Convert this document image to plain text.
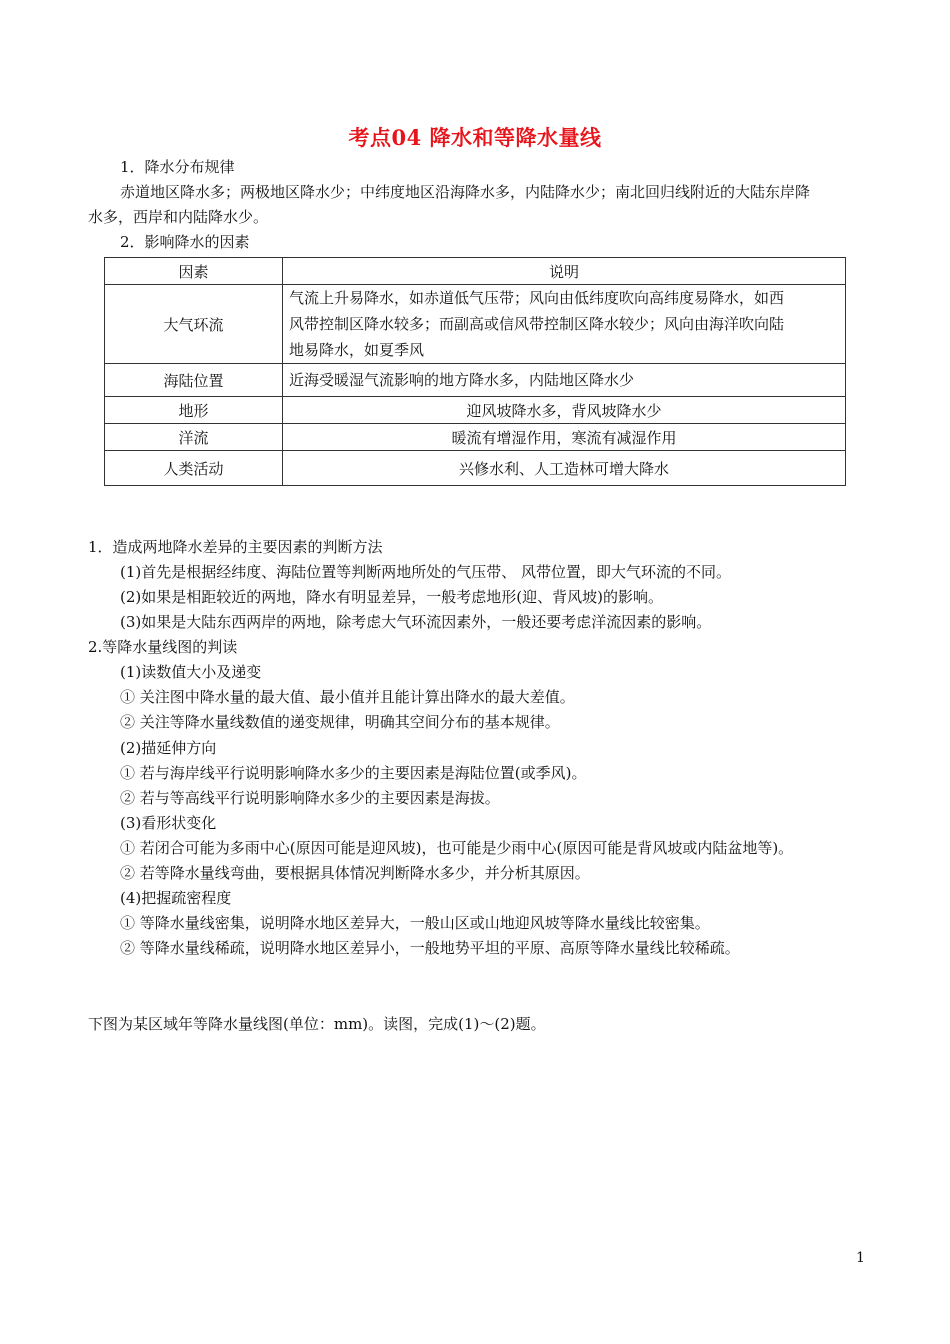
考点04 降水和等降水量线
1．降水分布规律
赤道地区降水多；两极地区降水少；中纬度地区沿海降水多，内陆降水少；南北回归线附近的大陆东岸降
水多，西岸和内陆降水少。
2．影响降水的因素
因素	说明
大气环流	气流上升易降水，如赤道低气压带；风向由低纬度吹向高纬度易降水，如西
风带控制区降水较多；而副高或信风带控制区降水较少；风向由海洋吹向陆
地易降水，如夏季风

海陆位置	近海受暖湿气流影响的地方降水多，内陆地区降水少
地形	迎风坡降水多，背风坡降水少
洋流	暖流有增湿作用，寒流有减湿作用
人类活动	兴修水利、人工造林可增大降水
1．造成两地降水差异的主要因素的判断方法
(1)首先是根据经纬度、海陆位置等判断两地所处的气压带、 风带位置，即大气环流的不同。
(2)如果是相距较近的两地，降水有明显差异，一般考虑地形(迎、背风坡)的影响。
(3)如果是大陆东西两岸的两地，除考虑大气环流因素外，一般还要考虑洋流因素的影响。
2.等降水量线图的判读
(1)读数值大小及递变
① 关注图中降水量的最大值、最小值并且能计算出降水的最大差值。
② 关注等降水量线数值的递变规律，明确其空间分布的基本规律。
(2)描延伸方向
① 若与海岸线平行说明影响降水多少的主要因素是海陆位置(或季风)。
② 若与等高线平行说明影响降水多少的主要因素是海拔。
(3)看形状变化
① 若闭合可能为多雨中心(原因可能是迎风坡)，也可能是少雨中心(原因可能是背风坡或内陆盆地等)。
② 若等降水量线弯曲，要根据具体情况判断降水多少，并分析其原因。
(4)把握疏密程度
① 等降水量线密集，说明降水地区差异大，一般山区或山地迎风坡等降水量线比较密集。
② 等降水量线稀疏，说明降水地区差异小，一般地势平坦的平原、高原等降水量线比较稀疏。
下图为某区域年等降水量线图(单位：mm)。读图，完成(1)～(2)题。
1
